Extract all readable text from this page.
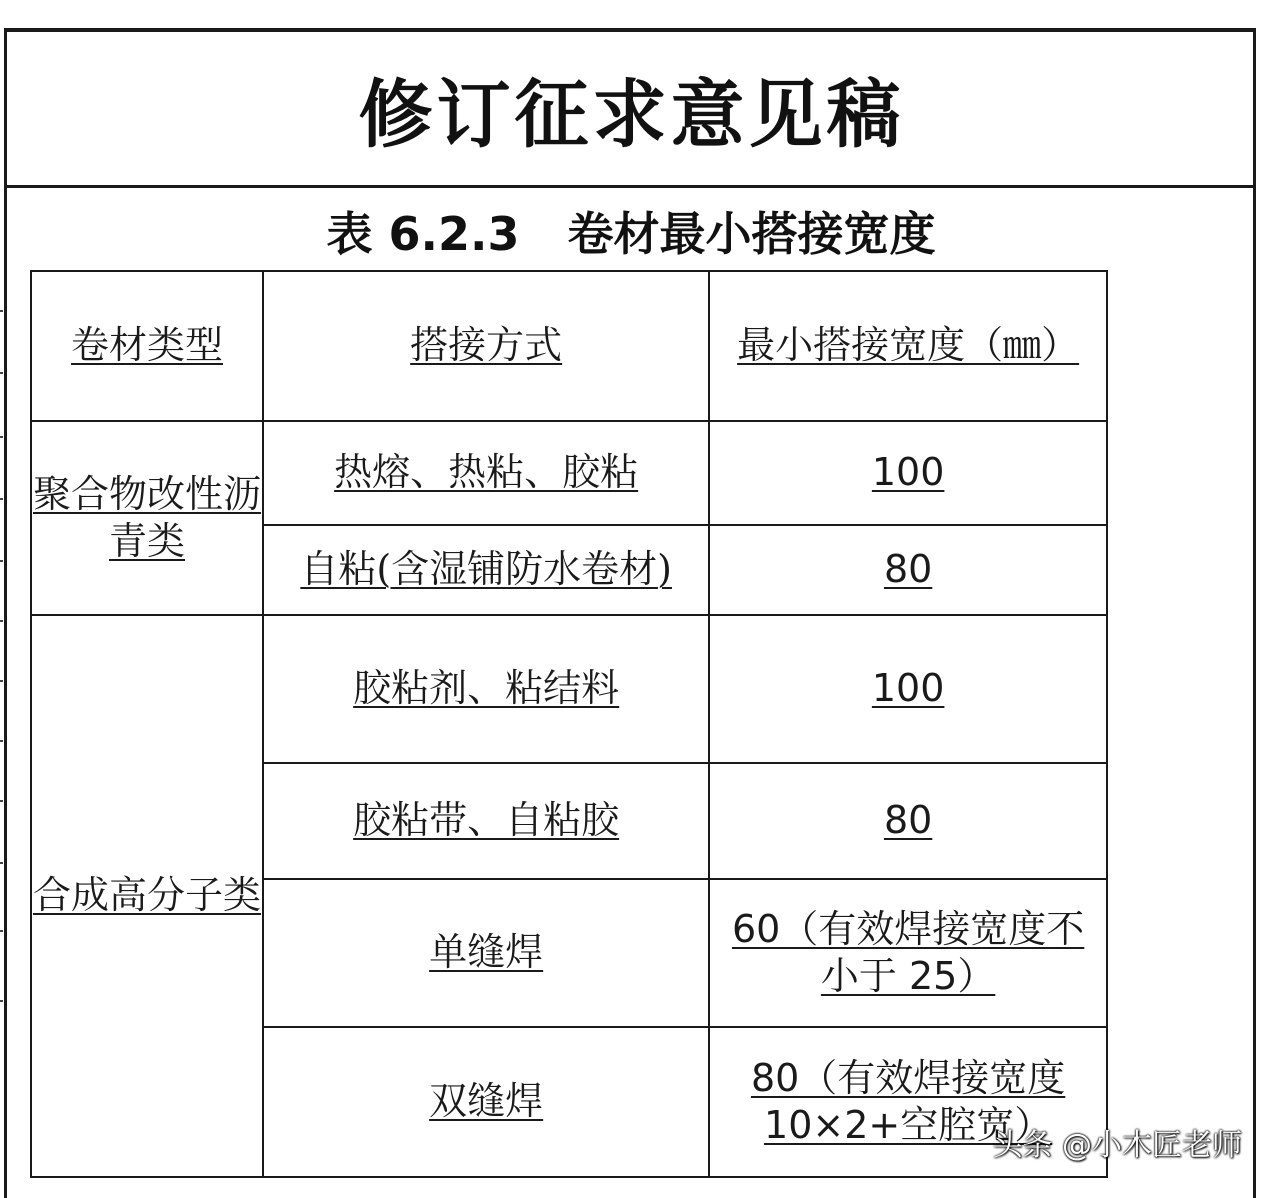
修订征求意见稿
表 6.2.3 卷材最小搭接宽度
卷材类型	搭接方式	最小搭接宽度（㎜）
聚合物改性沥青类	热熔、热粘、胶粘	100
	自粘(含湿铺防水卷材)	80
合成高分子类	胶粘剂、粘结料	100
	胶粘带、自粘胶	80
	单缝焊	60（有效焊接宽度不
小于 25）

	双缝焊	80（有效焊接宽度
10×2+空腔宽）
头条 @小木匠老师
